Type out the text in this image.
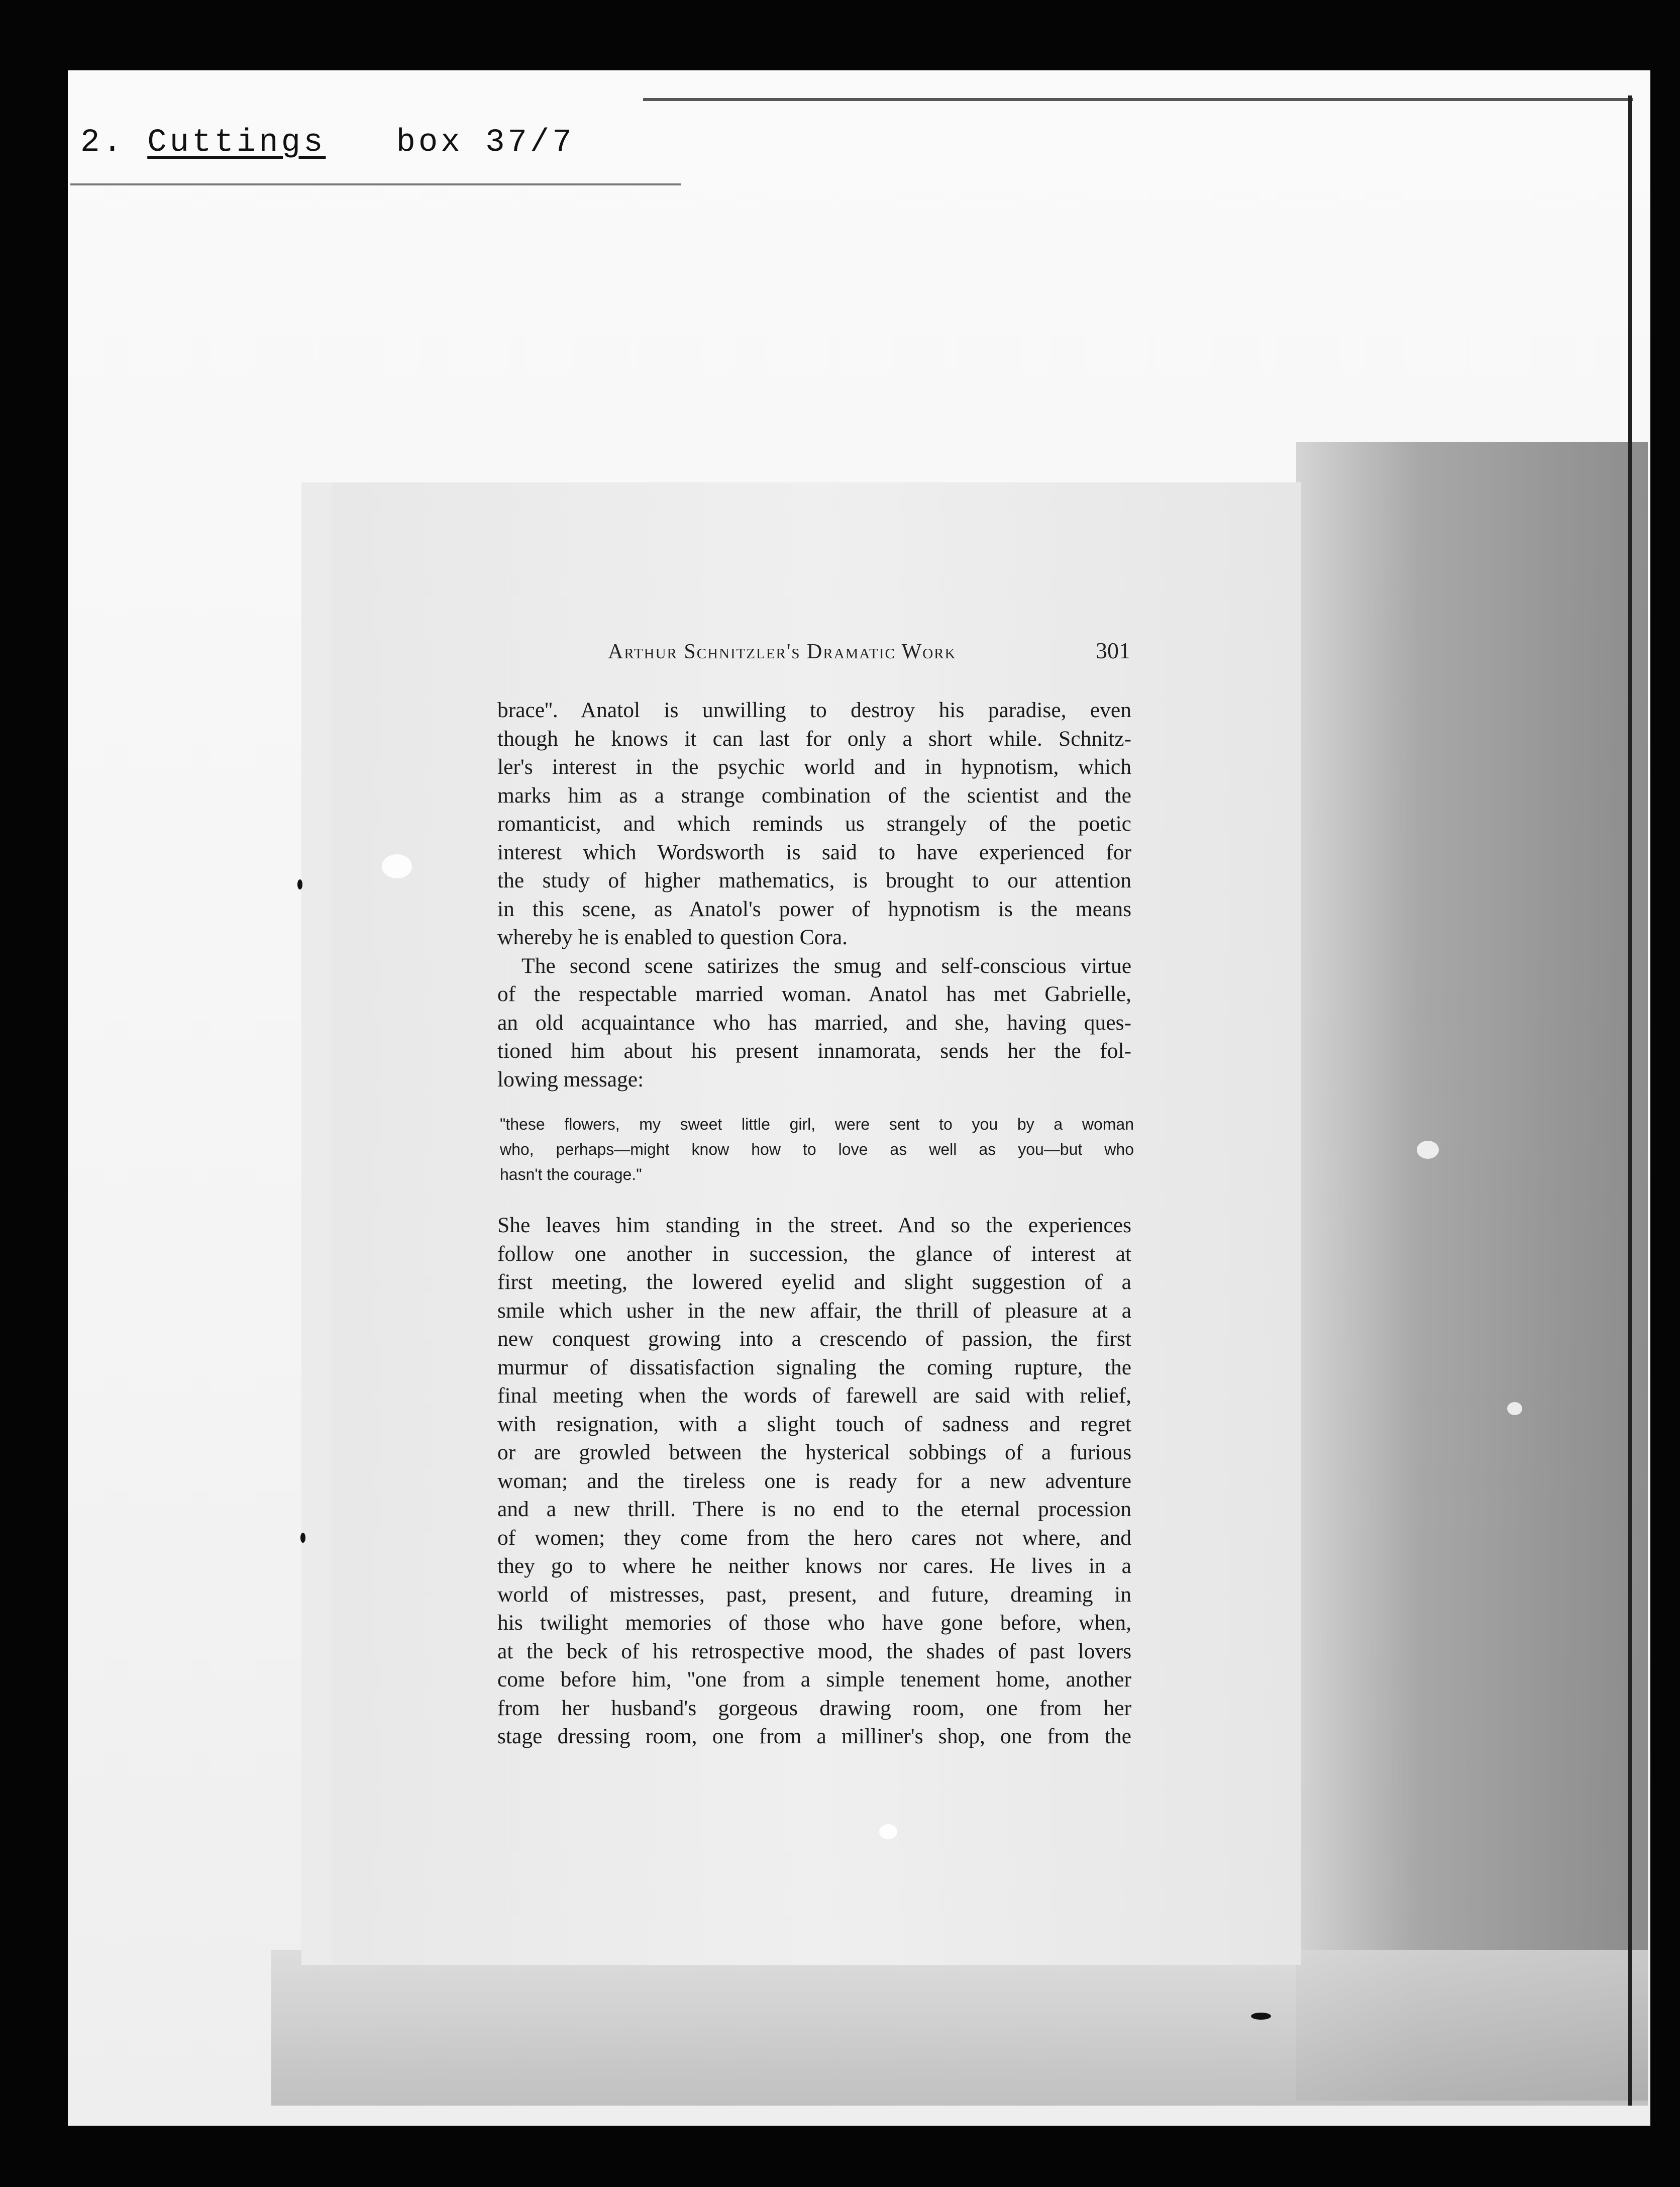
2. Cuttings box 37/7
Arthur Schnitzler's Dramatic Work	301
brace''. Anatol is unwilling to destroy his paradise, even
though he knows it can last for only a short while. Schnitz-
ler's interest in the psychic world and in hypnotism, which
marks him as a strange combination of the scientist and the
romanticist, and which reminds us strangely of the poetic
interest which Wordsworth is said to have experienced for
the study of higher mathematics, is brought to our attention
in this scene, as Anatol's power of hypnotism is the means
whereby he is enabled to question Cora.
The second scene satirizes the smug and self-conscious virtue
of the respectable married woman. Anatol has met Gabrielle,
an old acquaintance who has married, and she, having ques-
tioned him about his present innamorata, sends her the fol-
lowing message:
"these flowers, my sweet little girl, were sent to you by a woman
who, perhaps—might know how to love as well as you—but who
hasn't the courage."
She leaves him standing in the street. And so the experiences
follow one another in succession, the glance of interest at
first meeting, the lowered eyelid and slight suggestion of a
smile which usher in the new affair, the thrill of pleasure at a
new conquest growing into a crescendo of passion, the first
murmur of dissatisfaction signaling the coming rupture, the
final meeting when the words of farewell are said with relief,
with resignation, with a slight touch of sadness and regret
or are growled between the hysterical sobbings of a furious
woman; and the tireless one is ready for a new adventure
and a new thrill. There is no end to the eternal procession
of women; they come from the hero cares not where, and
they go to where he neither knows nor cares. He lives in a
world of mistresses, past, present, and future, dreaming in
his twilight memories of those who have gone before, when,
at the beck of his retrospective mood, the shades of past lovers
come before him, ''one from a simple tenement home, another
from her husband's gorgeous drawing room, one from her
stage dressing room, one from a milliner's shop, one from the
